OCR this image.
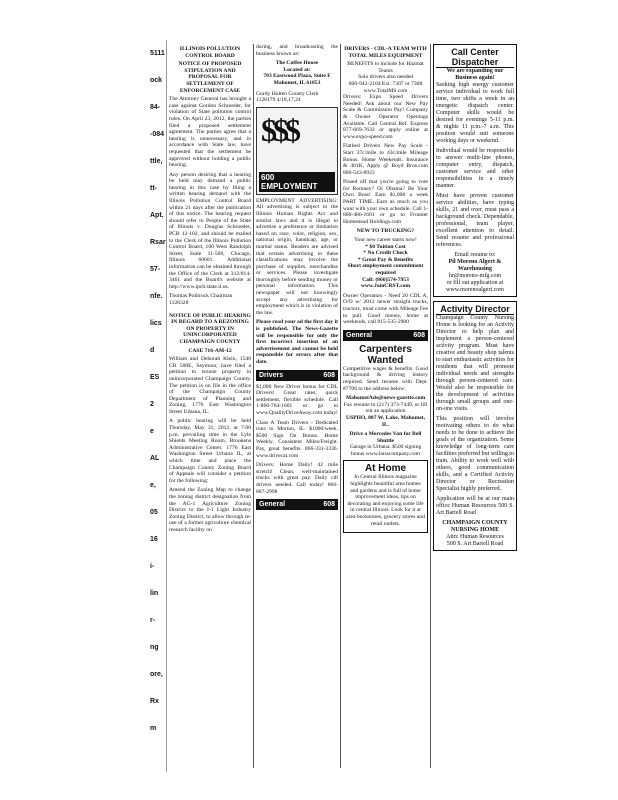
5111
ock
84-
-084
ttle,
tt-
Apt.
Rsar
57-
nfe.
lics
d
ES
2
e
AL
e,
05
16
i-
lin
r-
ng
ore,
Rx
m
ILLINOIS POLLUTION CONTROL BOARD
NOTICE OF PROPOSED STIPULATION AND PROPOSAL FOR SETTLEMENT OF ENFORCEMENT CASE

The Attorney General has brought a case against Gordon Schroeder, for violation of State pollution control rules. On April 23, 2012, the parties filed a proposed settlement agreement. The parties agree that a hearing is unnecessary, and in accordance with State law, have requested that the settlement be approved without holding a public hearing.

Any person desiring that a hearing be held may demand a public hearing in this case by filing a written hearing demand with the Illinois Pollution Control Board within 21 days after the publication of this notice. The hearing request should refer to People of the State of Illinois v. Douglas Schroeder, PCB 12-102, and should be mailed to the Clerk of the Illinois Pollution Control Board, 100 West Randolph Street, Suite 11-500, Chicago, Illinois 60601. Additional information can be obtained through the Office of the Clerk at 312/814-3461 and the Board's website at http://www.ipcb.state.il.us.

Thomas Politrock Chairman
1128328
NOTICE OF PUBLIC HEARING IN REGARD TO A REZONING ON PROPERTY IN UNINCORPORATED CHAMPAIGN COUNTY
CASE 716-AM-12

William and Deborah Klein, 1548 CR 500E, Seymour, have filed a petition to rezone property in unincorporated Champaign County. The petition is on file in the office of the Champaign County Department of Planning and Zoning, 1776 East Washington Street Urbana, IL.

A public hearing will be held Thursday, May 31, 2012, at 7:00 p.m. prevailing time in the Lyle Shields Meeting Room, Brookens Administrative Center, 1776 East Washington Street Urbana IL, at which time and place the Champaign County Zoning Board of Appeals will consider a petition for the following:

Amend the Zoning Map to change the zoning district designation from the AG-1 Agriculture Zoning District to the I-1 Light Industry Zoning District, to allow through re-use of a former agriculture chemical research facility on

during, and broadcasting the business known as:

The Coffee House
Located at:
703 Eastwood Plaza, Suite F
Mahomet, IL 61853
Gordy Hulten County Clerk
1128179 4/18,17,24
$$$
600 EMPLOYMENT

EMPLOYMENT ADVERTISING: All advertising is subject to the Illinois Human Rights Act and similar laws and it is illegal to advertise a preference or limitation based on race, color, religion, sex, national origin, handicap, age, or marital status. Readers are advised that certain advertising in these classifications may involve the purchase of supplies, merchandise or services. Please investigate thoroughly before sending money or personal information. This newspaper will not knowingly accept any advertising for employment which is in violation of the law.

Please read your ad the first day it is published. The News-Gazette will be responsible for only the first incorrect insertion of an advertisement and cannot be held responsible for errors after that date.

Drivers	608

$1,000 New Driver bonus for CDL Drivers! Great rates, quick settlement, flexible schedule. Call 1-866-764-1601 or go to www.QualityDriveAway.com today!

Class A Team Drivers - Dedicated runs to Morton, IL. $1000/week. $500 Sign On Bonus. Home Weekly. Consistent Miles/Freight. Pay, great benefits. 866-331-3336. www.drivecat.com

Drivers: Home Daily! 42 mile stretch! Clean, well-maintained trucks with great pay. Daily cdl drivers needed. Call today! 866-807-2998

General	608
DRIVERS - CDL-A TEAM WITH TOTAL MILES EQUIPMENT
BENEFITS to include for Hazmat Teams
Solo drivers also needed
800-942-2104 Ext. 7307 or 7308
www.TotalMS.com

Drivers: Expo Speed Drivers Needed! Ask about our New Pay Scale & Commission Pay! Company & Owner Operator Openings Available. Call Central Ref. Express 877-669-7632 or apply online at www.expo-speed.com

Flatbed Drivers New Pay Scale - Start 37c/mile to 43c/mile Mileage Bonus. Home Weekends. Insurance & 401K, Apply @ Boyd Bros.com 800-543-8923

Pissed off that you're going to vote for Romney? Or Obama? Be Your Own Boss! Earn $1,000 a week PART TIME. Earn as much as you want with your own schedule. Call 1-800-486-1601 or go to Frontier Homestead Holdings.com

NEW TO TRUCKING?
Your new career starts now!
* $0 Tuition Cost
* No Credit Check
* Great Pay & Benefits
Short employment commitment required
Call: (866)574-7953
www.JoinCRST.com

Owner Operators - Need 20 CDL A, O/O w/ 2012 newer straight trucks, tractors, must come with Mileage Fee to pull. Good money, home at weekends, call 815-535-2900

General	608
Carpenters Wanted

Competitive wages & benefits. Good background & driving history required. Send resume with Dept. #7706 to the address below:

MahometAds@news-gazette.com
Fax resume to (217) 373-7449, or fill out an application
USPHO, 807 W. Lake, Mahomet, IL.
Drive a Mercedes Van for Bell Shuttle
Garage in Urbana. $500 signing bonus www.busscompany.com
At Home

In Central Illinois magazine highlights beautiful area homes and gardens and is full of home improvement ideas, tips on decorating and enjoying some life in central Illinois. Look for it at area bookstores, grocery stores and retail outlets.

Call Center Dispatcher
We are expanding our Business again!

Seeking high energy customer service individual to work full time, two shifts a week in an energetic dispatch center. Computer skills would be desired for evenings 5-11 p.m. & nights 11 p.m.-7 a.m. This position would suit someone working days or weekend.

Individual would be responsible to answer multi-line phones, computer entry, dispatch, customer service and other responsibilities in a timely manner.

Must have proven customer service abilities, have typing skills, 21 and over, must pass a background check. Dependable, professional, team player, excellent attention to detail. Send resume and professional references.

Email resume to:
Pil Moreno Algert & Warehousing
hr@moreno-mfg.com
or fill out application at www.morenoalgert.com
Activity Director

Champaign County Nursing Home is looking for an Activity Director to help plan and implement a person-centered activity program. Must have creative and beauty shop talents to start enthusiastic activities for residents that will promote individual needs and strengths through person-centered care. Would also be responsible for the development of activities through small groups and one-on-one visits.

This position will involve motivating others to do what needs to be done to achieve the goals of the organization. Some knowledge of long-term care facilities preferred but willing to train. Ability to work well with others, good communication skills, and a Certified Activity Director or Recreation Specialist highly preferred.

Application will be at our main office Human Resources 500 S. Art Bartell Road

CHAMPAIGN COUNTY NURSING HOME
Attn: Human Resources
500 S. Art Bartell Road
